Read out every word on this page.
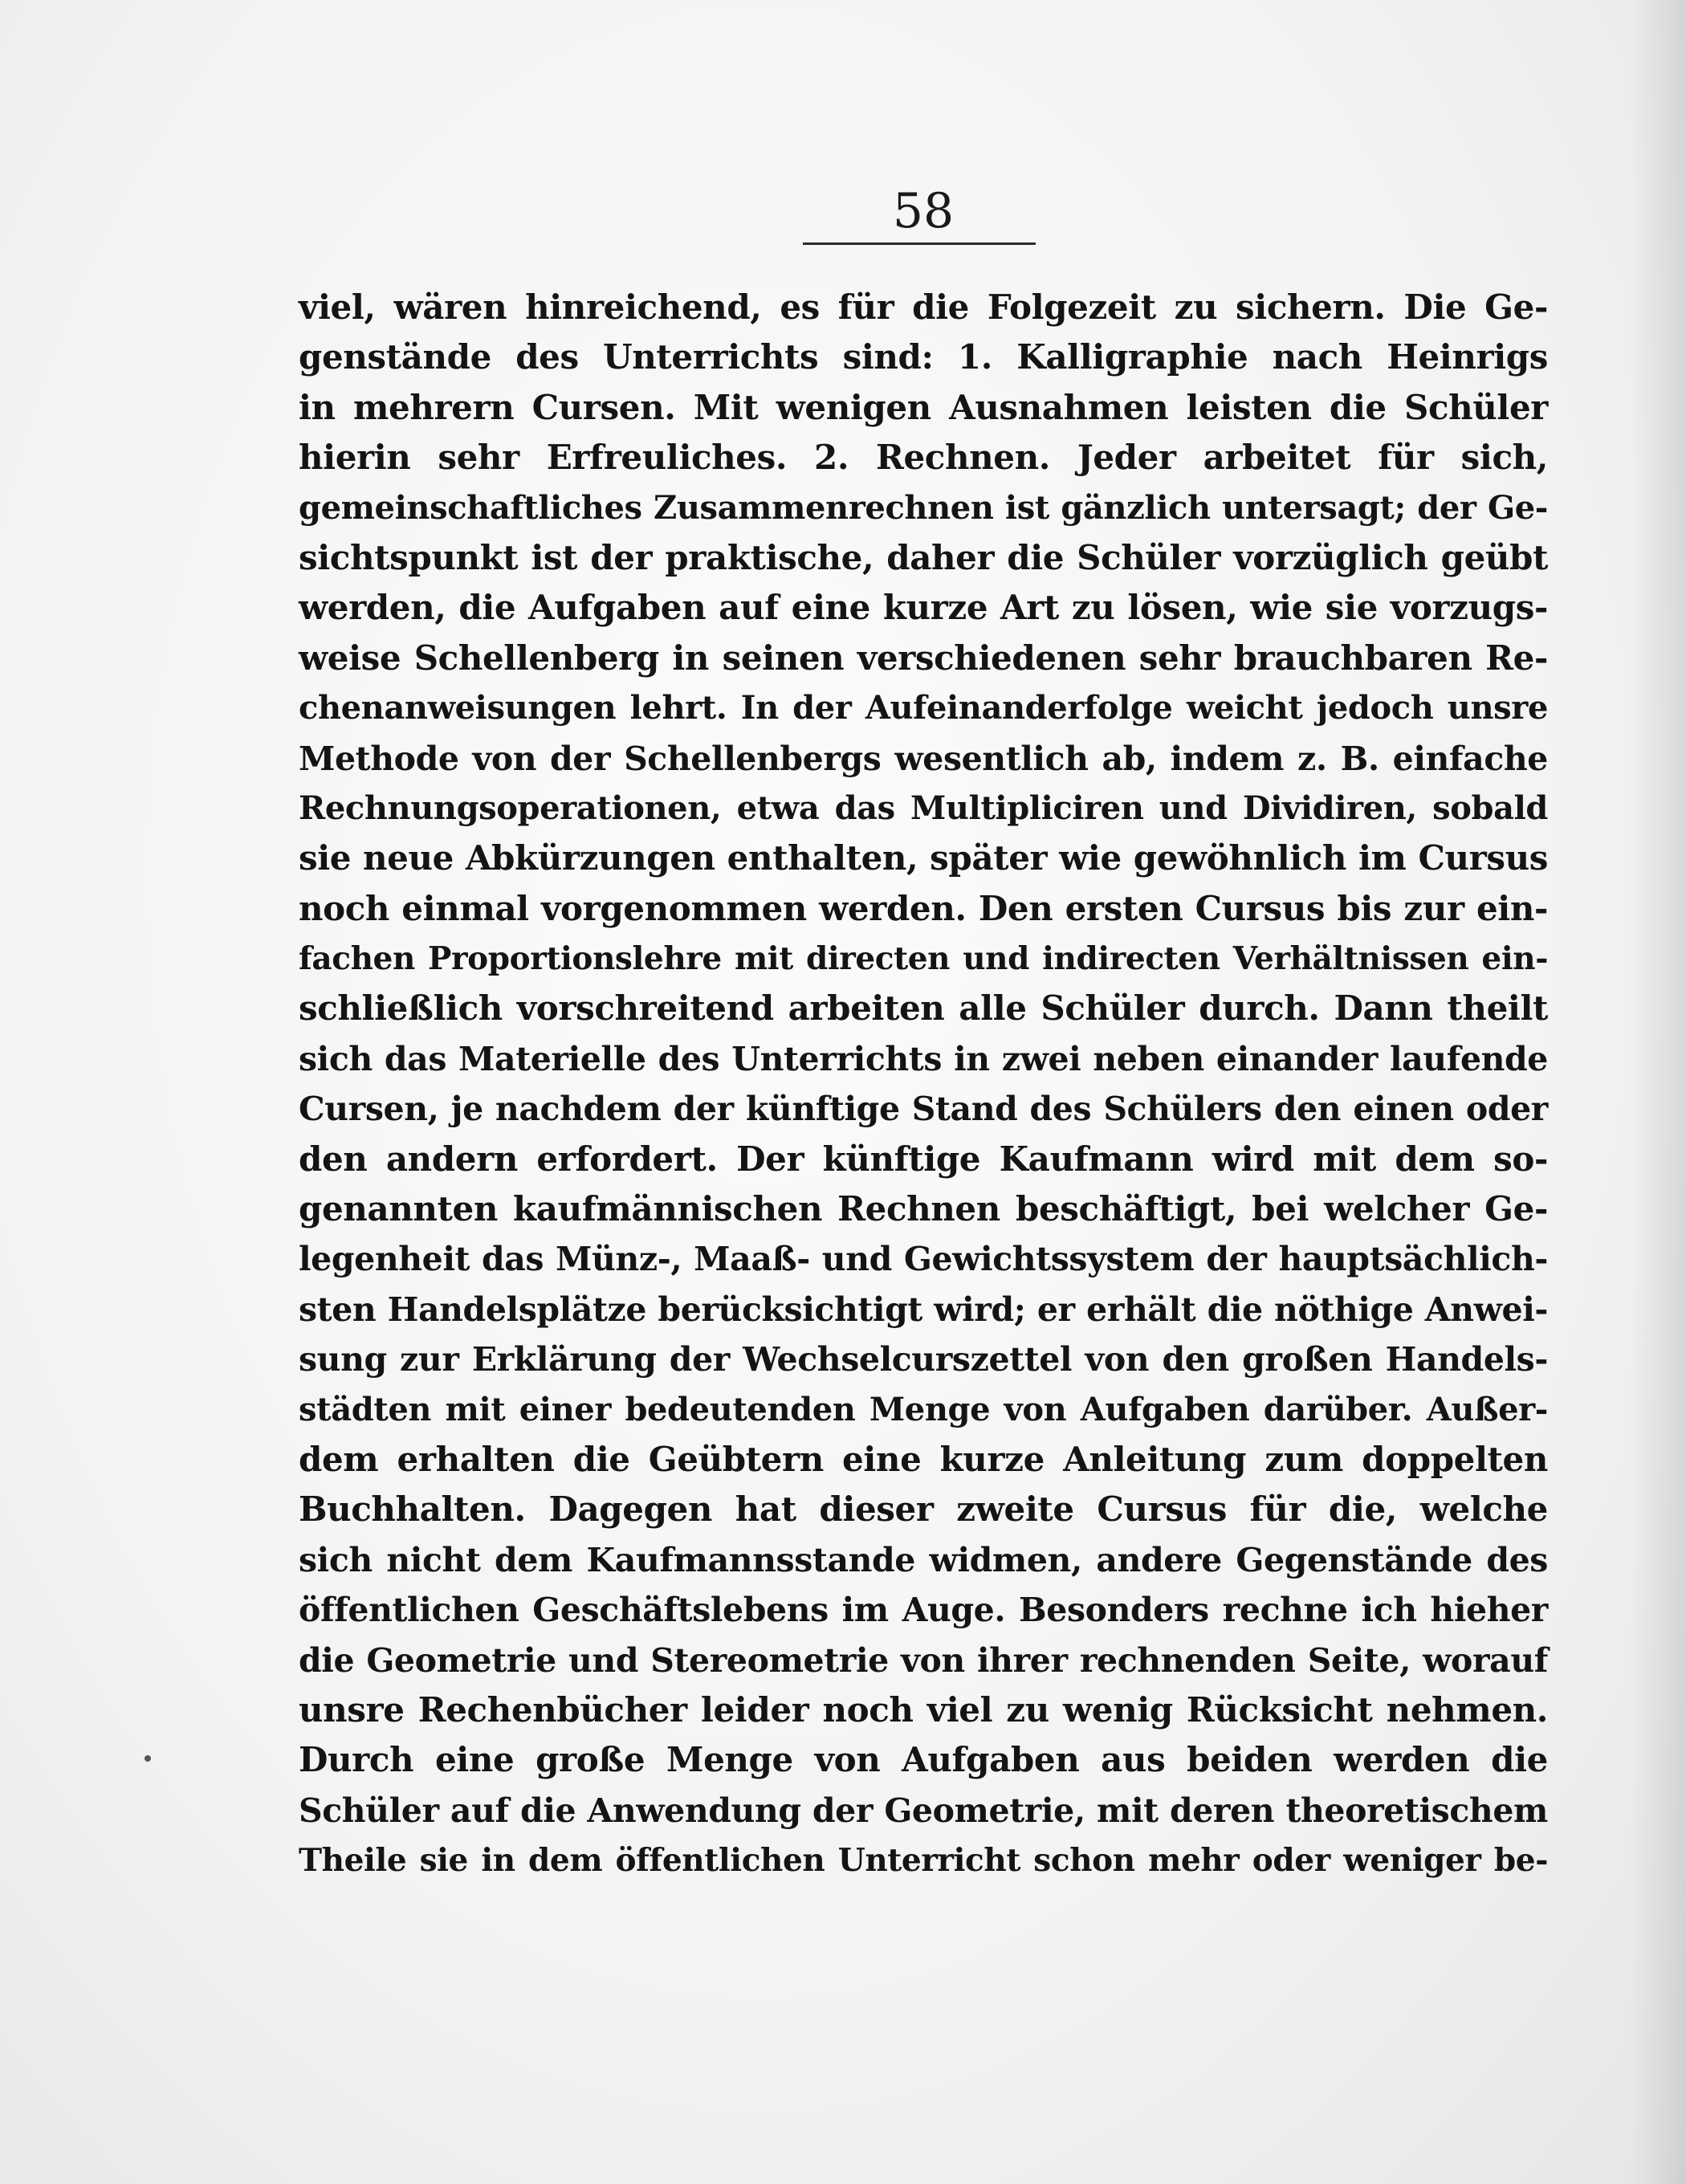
58
viel, wären hinreichend, es für die Folgezeit zu sichern. Die Ge-
genstände des Unterrichts sind: 1. Kalligraphie nach Heinrigs
in mehrern Cursen. Mit wenigen Ausnahmen leisten die Schüler
hierin sehr Erfreuliches. 2. Rechnen. Jeder arbeitet für sich,
gemeinschaftliches Zusammenrechnen ist gänzlich untersagt; der Ge-
sichtspunkt ist der praktische, daher die Schüler vorzüglich geübt
werden, die Aufgaben auf eine kurze Art zu lösen, wie sie vorzugs-
weise Schellenberg in seinen verschiedenen sehr brauchbaren Re-
chenanweisungen lehrt. In der Aufeinanderfolge weicht jedoch unsre
Methode von der Schellenbergs wesentlich ab, indem z. B. einfache
Rechnungsoperationen, etwa das Multipliciren und Dividiren, sobald
sie neue Abkürzungen enthalten, später wie gewöhnlich im Cursus
noch einmal vorgenommen werden. Den ersten Cursus bis zur ein-
fachen Proportionslehre mit directen und indirecten Verhältnissen ein-
schließlich vorschreitend arbeiten alle Schüler durch. Dann theilt
sich das Materielle des Unterrichts in zwei neben einander laufende
Cursen, je nachdem der künftige Stand des Schülers den einen oder
den andern erfordert. Der künftige Kaufmann wird mit dem so-
genannten kaufmännischen Rechnen beschäftigt, bei welcher Ge-
legenheit das Münz-, Maaß- und Gewichtssystem der hauptsächlich-
sten Handelsplätze berücksichtigt wird; er erhält die nöthige Anwei-
sung zur Erklärung der Wechselcurszettel von den großen Handels-
städten mit einer bedeutenden Menge von Aufgaben darüber. Außer-
dem erhalten die Geübtern eine kurze Anleitung zum doppelten
Buchhalten. Dagegen hat dieser zweite Cursus für die, welche
sich nicht dem Kaufmannsstande widmen, andere Gegenstände des
öffentlichen Geschäftslebens im Auge. Besonders rechne ich hieher
die Geometrie und Stereometrie von ihrer rechnenden Seite, worauf
unsre Rechenbücher leider noch viel zu wenig Rücksicht nehmen.
Durch eine große Menge von Aufgaben aus beiden werden die
Schüler auf die Anwendung der Geometrie, mit deren theoretischem
Theile sie in dem öffentlichen Unterricht schon mehr oder weniger be-
